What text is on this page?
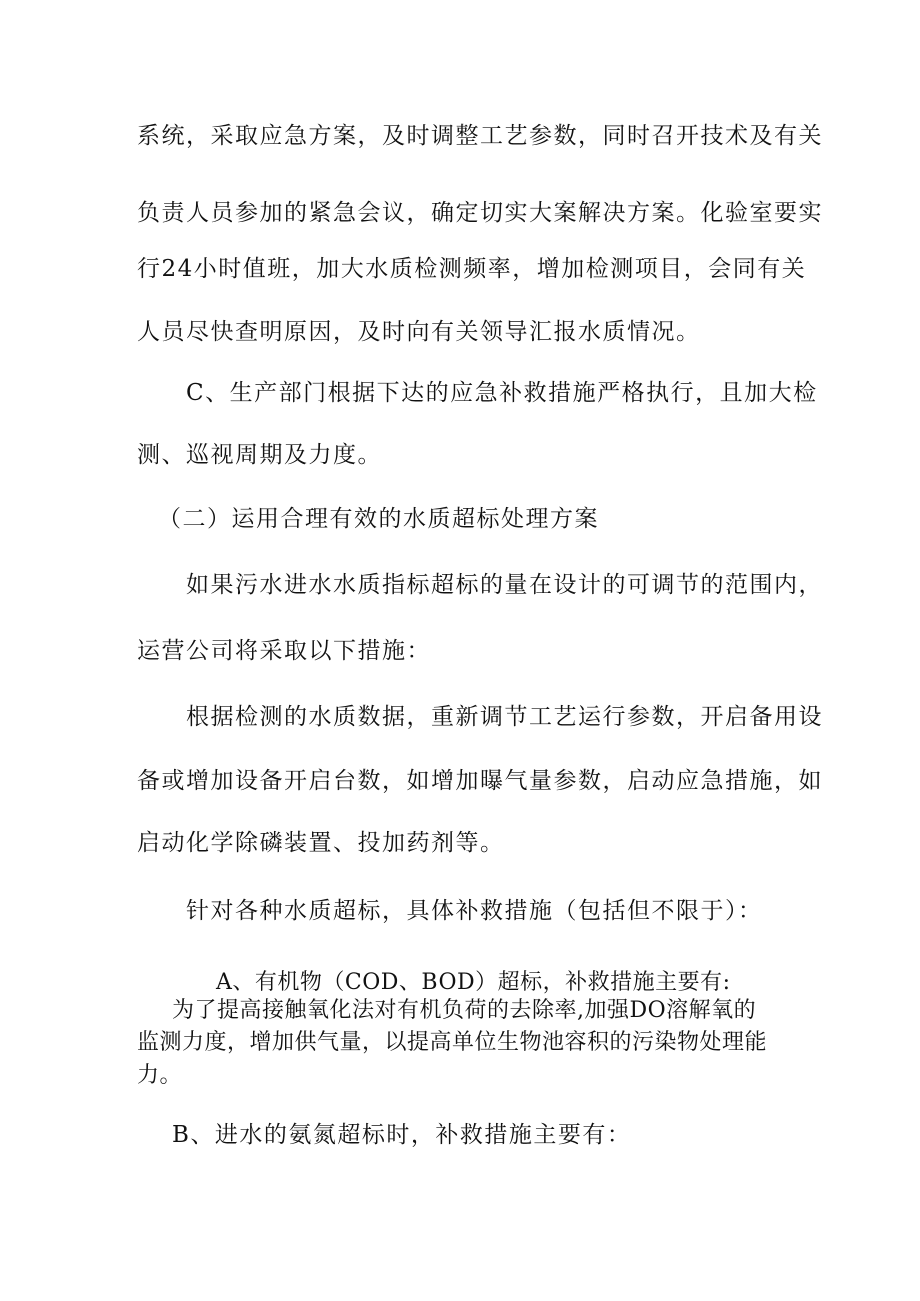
系统，采取应急方案，及时调整工艺参数，同时召开技术及有关
负责人员参加的紧急会议，确定切实大案解决方案。化验室要实
行24小时值班，加大水质检测频率，增加检测项目，会同有关
人员尽快查明原因，及时向有关领导汇报水质情况。
C、生产部门根据下达的应急补救措施严格执行，且加大检
测、巡视周期及力度。
（二）运用合理有效的水质超标处理方案
如果污水进水水质指标超标的量在设计的可调节的范围内，
运营公司将采取以下措施：
根据检测的水质数据，重新调节工艺运行参数，开启备用设
备或增加设备开启台数，如增加曝气量参数，启动应急措施，如
启动化学除磷装置、投加药剂等。
针对各种水质超标，具体补救措施（包括但不限于）：
A、有机物（COD、BOD）超标，补救措施主要有:
为了提高接触氧化法对有机负荷的去除率,加强DO溶解氧的
监测力度，增加供气量，以提高单位生物池容积的污染物处理能
力。
B、进水的氨氮超标时，补救措施主要有：
